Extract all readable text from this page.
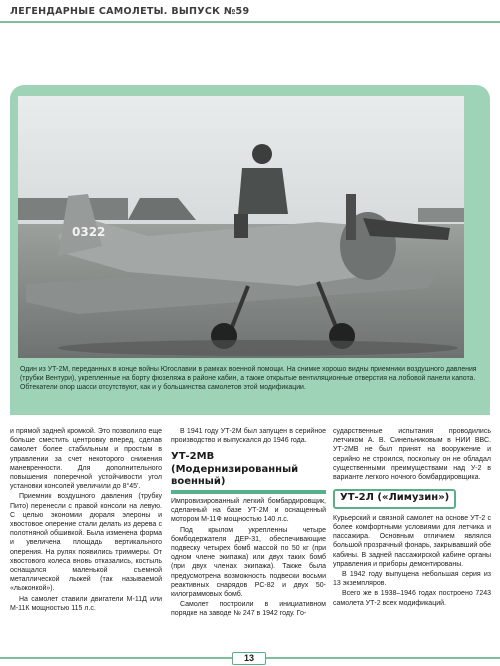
ЛЕГЕНДАРНЫЕ САМОЛЕТЫ. ВЫПУСК №59
0322
Один из УТ-2М, переданных в конце войны Югославии в рамках военной помощи. На снимке хорошо видны приемники воздушного давления (трубки Вентури), укрепленные на борту фюзеляжа в районе кабин, а также открытые вентиляционные отверстия на лобовой панели капота. Обтекатели опор шасси отсутствуют, как и у большинства самолетов этой модификации.

и прямой задней кромкой. Это позволило еще больше сместить центровку вперед, сделав самолет более стабильным и простым в управлении за счет некоторого снижения маневренности. Для дополнительного повышения поперечной устойчивости угол установки консолей увеличили до 8°45'.

Приемник воздушного давления (трубку Пито) перенесли с правой консоли на левую. С целью экономии дюраля элероны и хвостовое оперение стали делать из дерева с полотняной обшивкой. Была изменена форма и увеличена площадь вертикального оперения. На рулях появились триммеры. От хвостового колеса вновь отказались, костыль оснащался маленькой съемной металлической лыжей (так называемой «лыжонкой»).

На самолет ставили двигатели М-11Д или М-11К мощностью 115 л.с.

В 1941 году УТ-2М был запущен в серийное производство и выпускался до 1946 года.

УТ-2МВ (Модернизированный военный)

Импровизированный легкий бомбардировщик, сделанный на базе УТ-2М и оснащенный мотором М-11Ф мощностью 140 л.с.

Под крылом укрепленны четыре бомбодержателя ДЕР-31, обеспечивающие подвеску четырех бомб массой по 50 кг (при одном члене экипажа) или двух таких бомб (при двух членах экипажа). Также была предусмотрена возможность подвески восьми реактивных снарядов РС-82 и двух 50-килограммовых бомб.

Самолет построили в инициативном порядке на заводе № 247 в 1942 году. Го-

сударственные испытания проводились летчиком А. В. Синельниковым в НИИ ВВС. УТ-2МВ не был принят на вооружение и серийно не строился, поскольку он не обладал существенными преимуществами над У-2 в варианте легкого ночного бомбардировщика.

УТ-2Л («Лимузин»)

Курьерский и связной самолет на основе УТ-2 с более комфортными условиями для летчика и пассажира. Основным отличием являлся большой прозрачный фонарь, закрывавший обе кабины. В задней пассажирской кабине органы управления и приборы демонтированы.

В 1942 году выпущена небольшая серия из 13 экземпляров.

Всего же в 1938–1946 годах построено 7243 самолета УТ-2 всех модификаций.

13
